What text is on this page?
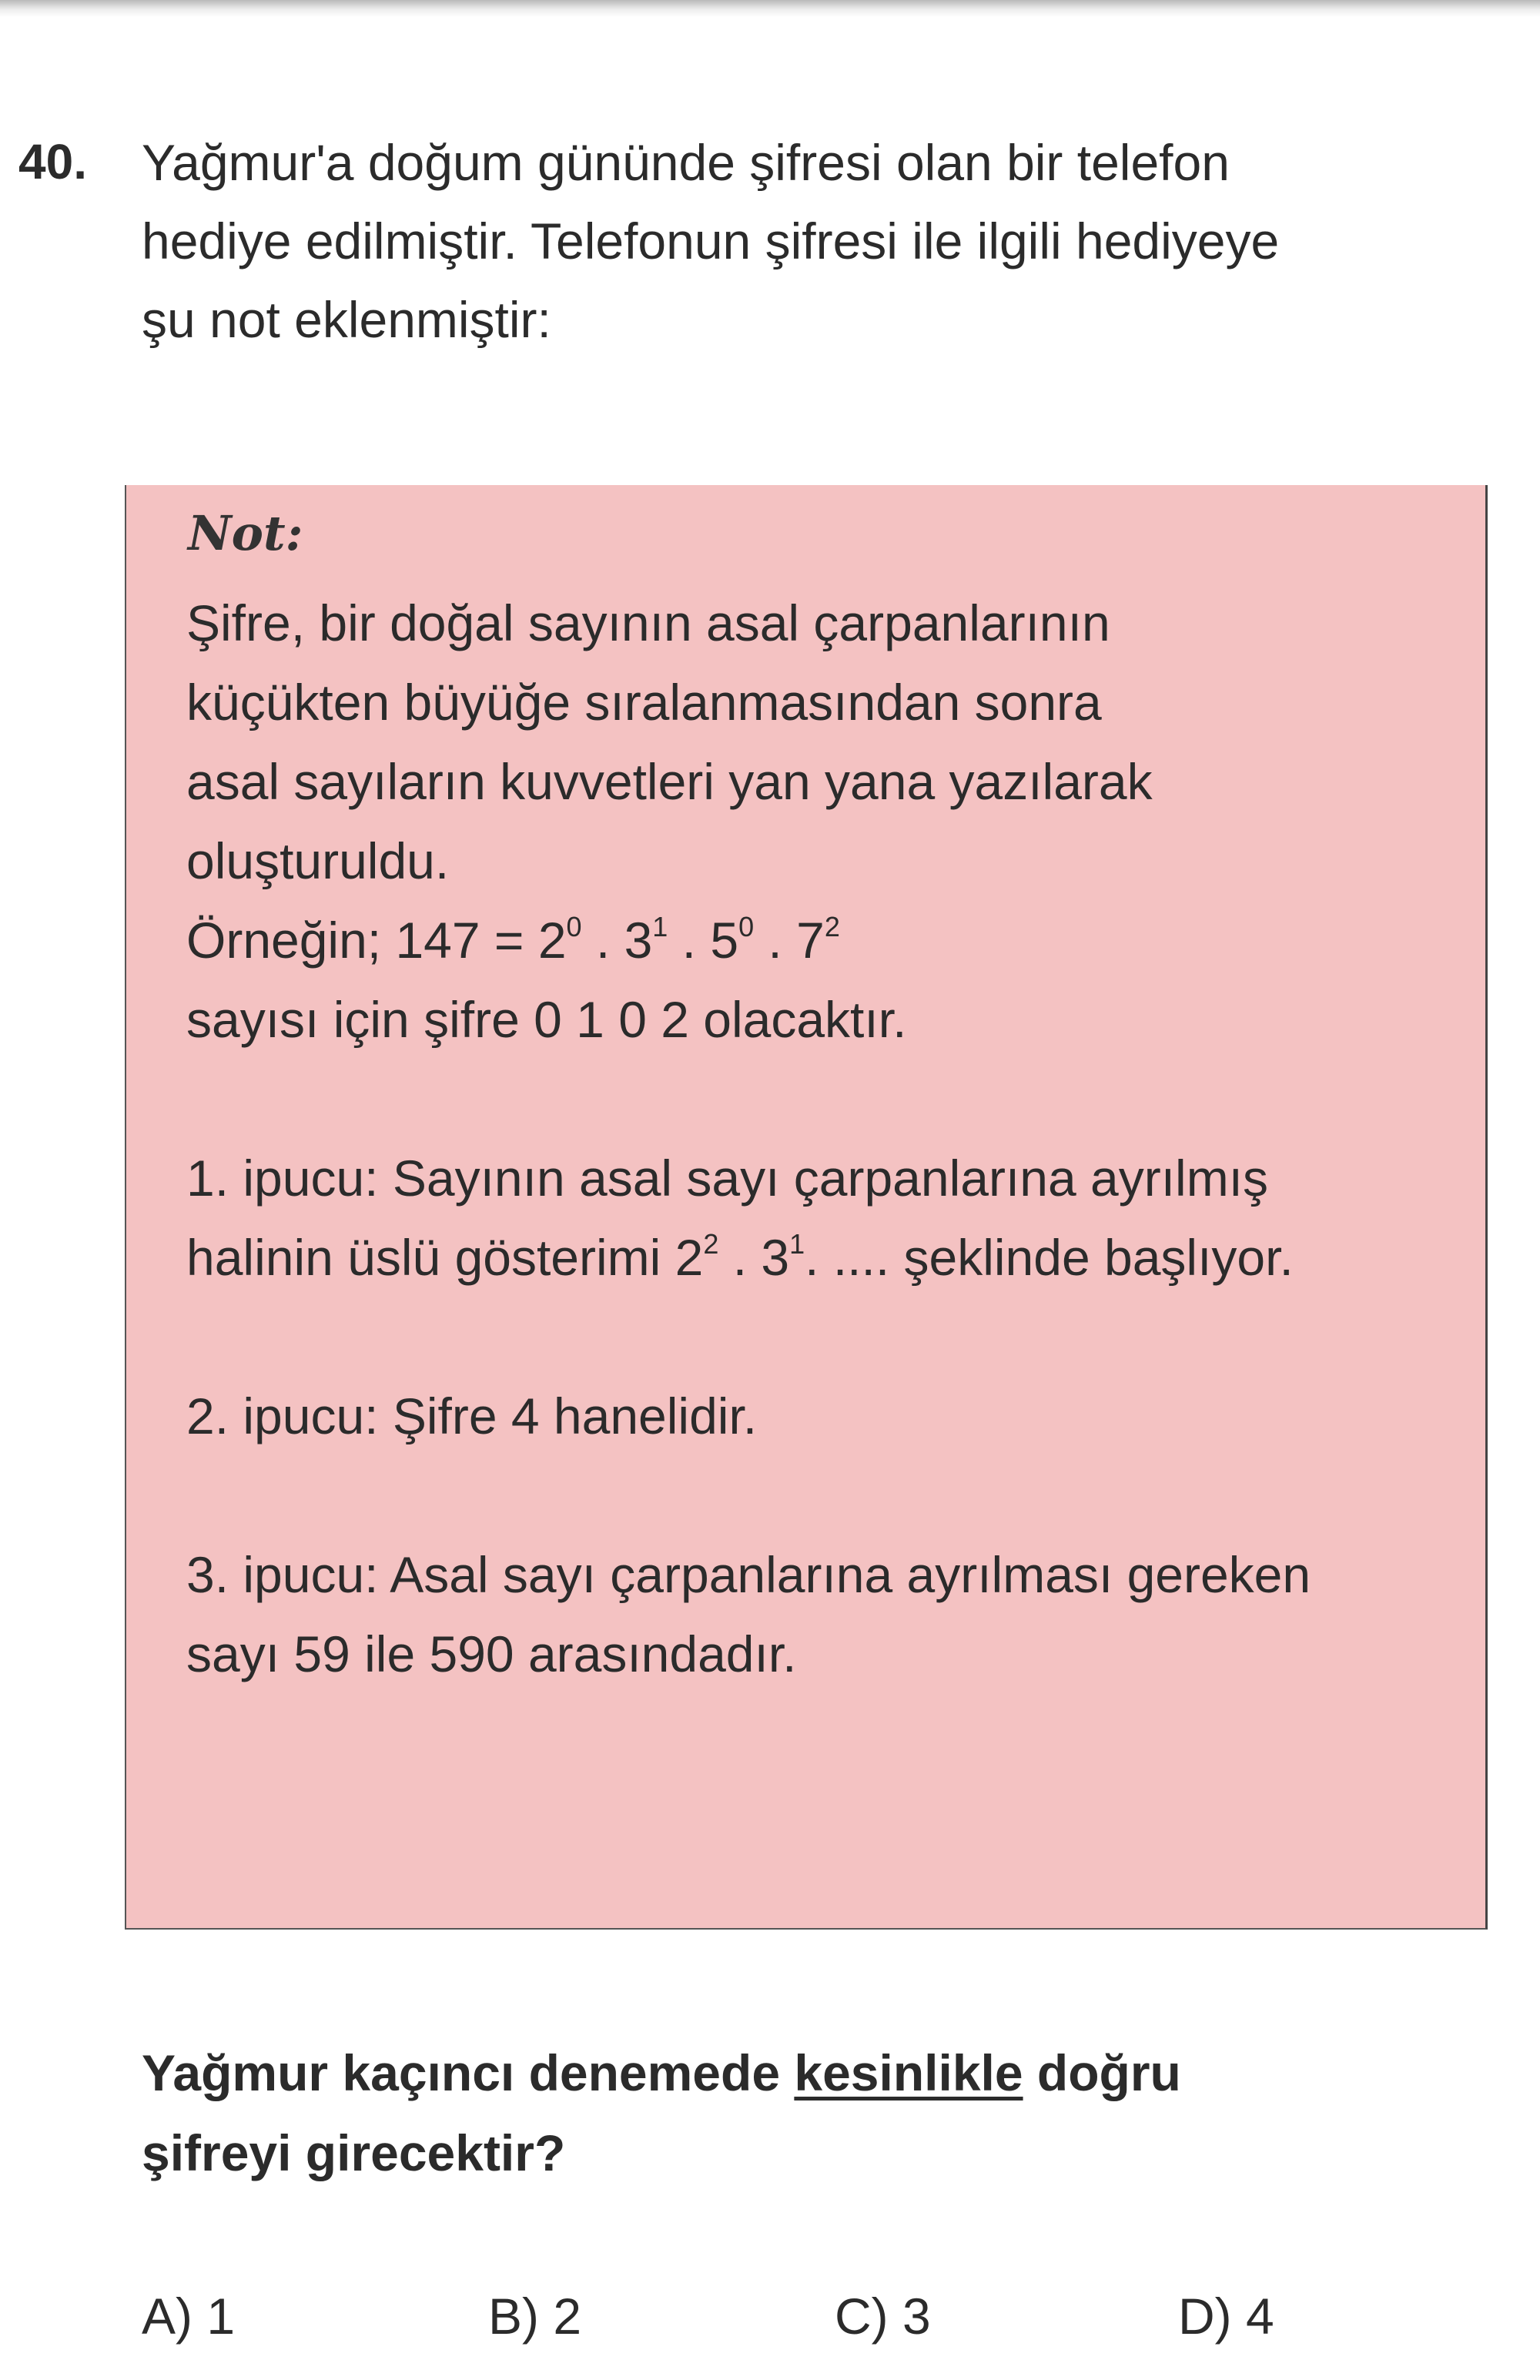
40. Yağmur'a doğum gününde şifresi olan bir telefon
hediye edilmiştir. Telefonun şifresi ile ilgili hediyeye
şu not eklenmiştir:
Not:
Şifre, bir doğal sayının asal çarpanlarının
küçükten büyüğe sıralanmasından sonra
asal sayıların kuvvetleri yan yana yazılarak
oluşturuldu.
Örneğin; $147 = 2^0$ . $3^1$ . $5^0$ . $7^2$
sayısı için şifre 0 1 0 2 olacaktır.
1. ipucu: Sayının asal sayı çarpanlarına ayrılmış
halinin üslü gösterimi $2^2$ . $3^1$. .... şeklinde başlıyor.
2. ipucu: Şifre 4 hanelidir.
3. ipucu: Asal sayı çarpanlarına ayrılması gereken
sayı 59 ile 590 arasındadır.
Yağmur kaçıncı denemede kesinlikle doğru
şifreyi girecektir?
A) 1	B) 2	C) 3	D) 4
